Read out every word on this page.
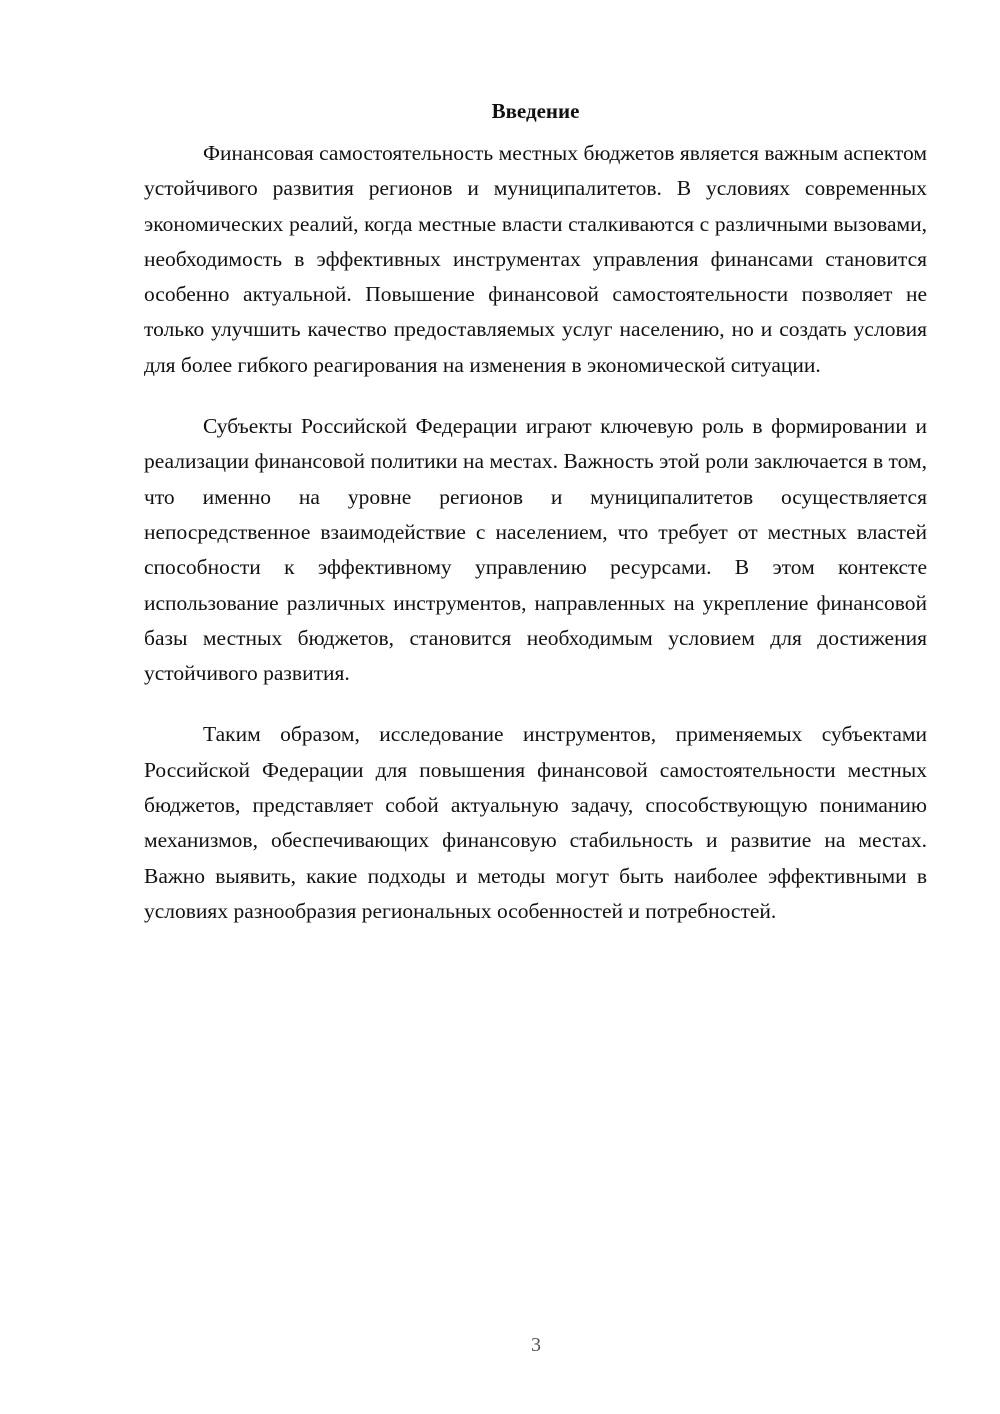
Введение

Финансовая самостоятельность местных бюджетов является важным аспектом устойчивого развития регионов и муниципалитетов. В условиях современных экономических реалий, когда местные власти сталкиваются с различными вызовами, необходимость в эффективных инструментах управления финансами становится особенно актуальной. Повышение финансовой самостоятельности позволяет не только улучшить качество предоставляемых услуг населению, но и создать условия для более гибкого реагирования на изменения в экономической ситуации.

Субъекты Российской Федерации играют ключевую роль в формировании и реализации финансовой политики на местах. Важность этой роли заключается в том, что именно на уровне регионов и муниципалитетов осуществляется непосредственное взаимодействие с населением, что требует от местных властей способности к эффективному управлению ресурсами. В этом контексте использование различных инструментов, направленных на укрепление финансовой базы местных бюджетов, становится необходимым условием для достижения устойчивого развития.

Таким образом, исследование инструментов, применяемых субъектами Российской Федерации для повышения финансовой самостоятельности местных бюджетов, представляет собой актуальную задачу, способствующую пониманию механизмов, обеспечивающих финансовую стабильность и развитие на местах. Важно выявить, какие подходы и методы могут быть наиболее эффективными в условиях разнообразия региональных особенностей и потребностей.

3
